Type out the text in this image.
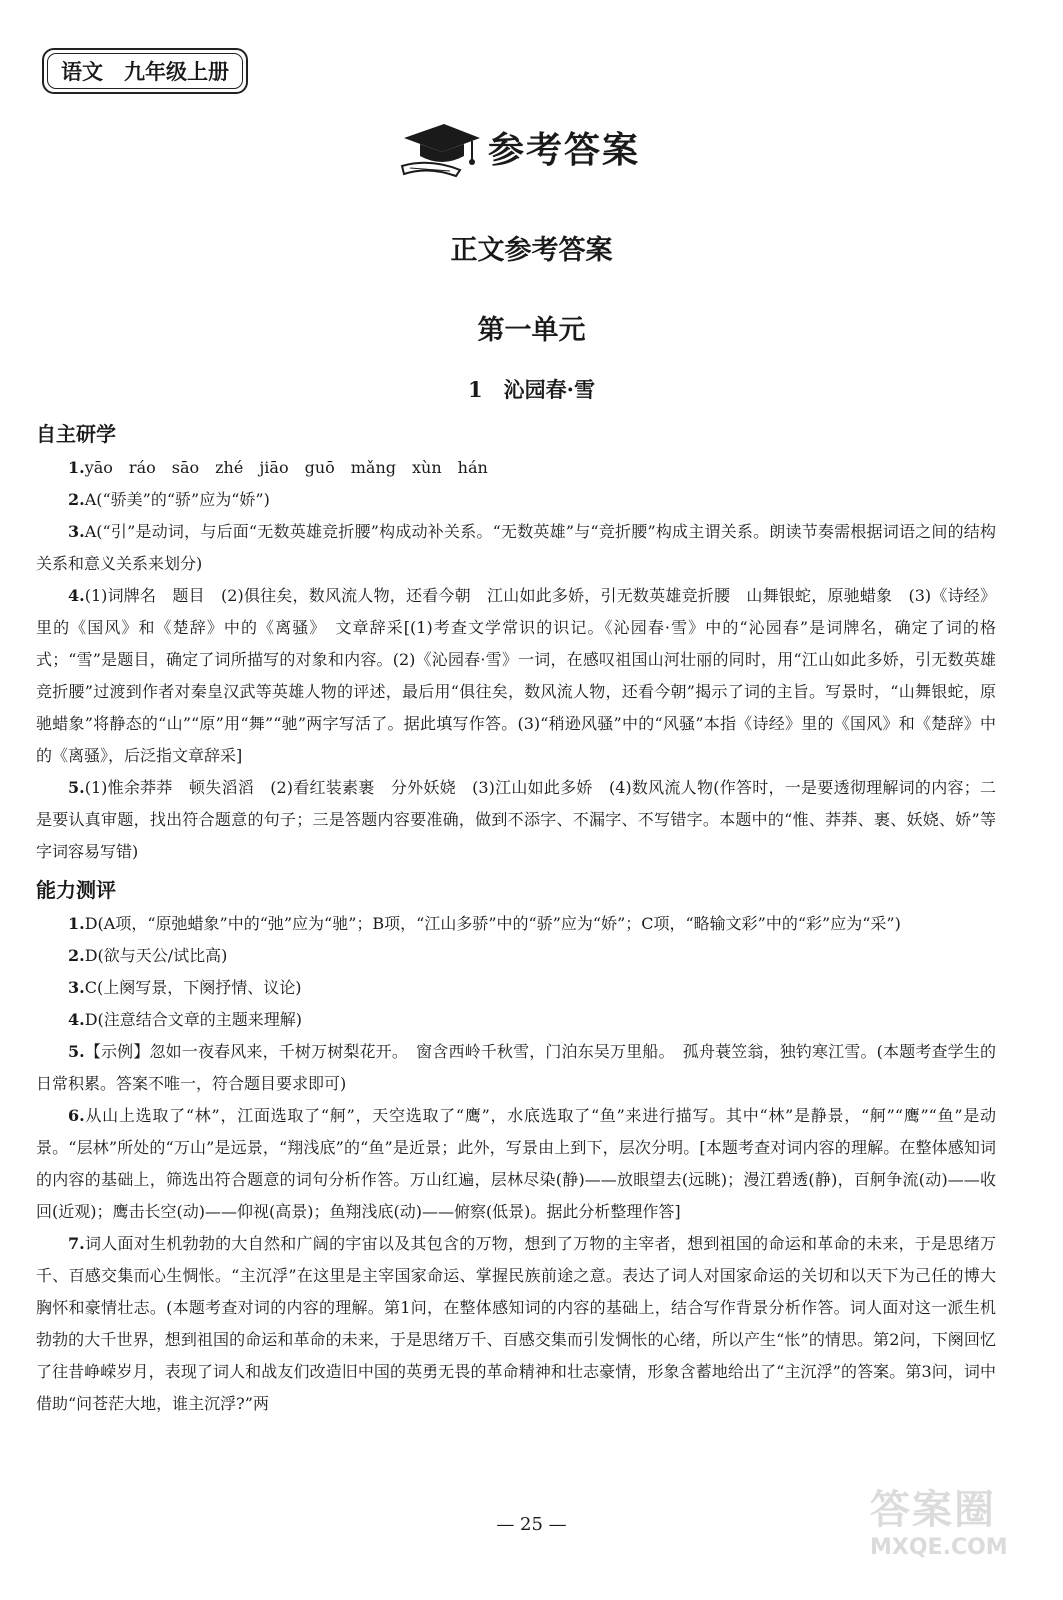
语文　九年级上册
参考答案
正文参考答案
第一单元
1　沁园春·雪
自主研学

1.yāo　ráo　sāo　zhé　jiāo　guō　mǎng　xùn　hán

2.A(“骄美”的“骄”应为“娇”)

3.A(“引”是动词，与后面“无数英雄竞折腰”构成动补关系。“无数英雄”与“竞折腰”构成主谓关系。朗读节奏需根据词语之间的结构关系和意义关系来划分)

4.(1)词牌名　题目　(2)俱往矣，数风流人物，还看今朝　江山如此多娇，引无数英雄竞折腰　山舞银蛇，原驰蜡象　(3)《诗经》里的《国风》和《楚辞》中的《离骚》　文章辞采[(1)考查文学常识的识记。《沁园春·雪》中的“沁园春”是词牌名，确定了词的格式；“雪”是题目，确定了词所描写的对象和内容。(2)《沁园春·雪》一词，在感叹祖国山河壮丽的同时，用“江山如此多娇，引无数英雄竞折腰”过渡到作者对秦皇汉武等英雄人物的评述，最后用“俱往矣，数风流人物，还看今朝”揭示了词的主旨。写景时，“山舞银蛇，原驰蜡象”将静态的“山”“原”用“舞”“驰”两字写活了。据此填写作答。(3)“稍逊风骚”中的“风骚”本指《诗经》里的《国风》和《楚辞》中的《离骚》，后泛指文章辞采]

5.(1)惟余莽莽　顿失滔滔　(2)看红装素裹　分外妖娆　(3)江山如此多娇　(4)数风流人物(作答时，一是要透彻理解词的内容；二是要认真审题，找出符合题意的句子；三是答题内容要准确，做到不添字、不漏字、不写错字。本题中的“惟、莽莽、裹、妖娆、娇”等字词容易写错)

能力测评

1.D(A项，“原弛蜡象”中的“弛”应为“驰”；B项，“江山多骄”中的“骄”应为“娇”；C项，“略输文彩”中的“彩”应为“采”)

2.D(欲与天公/试比高)

3.C(上阕写景，下阕抒情、议论)

4.D(注意结合文章的主题来理解)

5.【示例】忽如一夜春风来，千树万树梨花开。　窗含西岭千秋雪，门泊东吴万里船。　孤舟蓑笠翁，独钓寒江雪。(本题考查学生的日常积累。答案不唯一，符合题目要求即可)

6.从山上选取了“林”，江面选取了“舸”，天空选取了“鹰”，水底选取了“鱼”来进行描写。其中“林”是静景，“舸”“鹰”“鱼”是动景。“层林”所处的“万山”是远景，“翔浅底”的“鱼”是近景；此外，写景由上到下，层次分明。[本题考查对词内容的理解。在整体感知词的内容的基础上，筛选出符合题意的词句分析作答。万山红遍，层林尽染(静)——放眼望去(远眺)；漫江碧透(静)，百舸争流(动)——收回(近观)；鹰击长空(动)——仰视(高景)；鱼翔浅底(动)——俯察(低景)。据此分析整理作答]

7.词人面对生机勃勃的大自然和广阔的宇宙以及其包含的万物，想到了万物的主宰者，想到祖国的命运和革命的未来，于是思绪万千、百感交集而心生惆怅。“主沉浮”在这里是主宰国家命运、掌握民族前途之意。表达了词人对国家命运的关切和以天下为己任的博大胸怀和豪情壮志。(本题考查对词的内容的理解。第1问，在整体感知词的内容的基础上，结合写作背景分析作答。词人面对这一派生机勃勃的大千世界，想到祖国的命运和革命的未来，于是思绪万千、百感交集而引发惆怅的心绪，所以产生“怅”的情思。第2问，下阕回忆了往昔峥嵘岁月，表现了词人和战友们改造旧中国的英勇无畏的革命精神和壮志豪情，形象含蓄地给出了“主沉浮”的答案。第3问，词中借助“问苍茫大地，谁主沉浮?”两

— 25 —	答案圈
MXQE.COM
